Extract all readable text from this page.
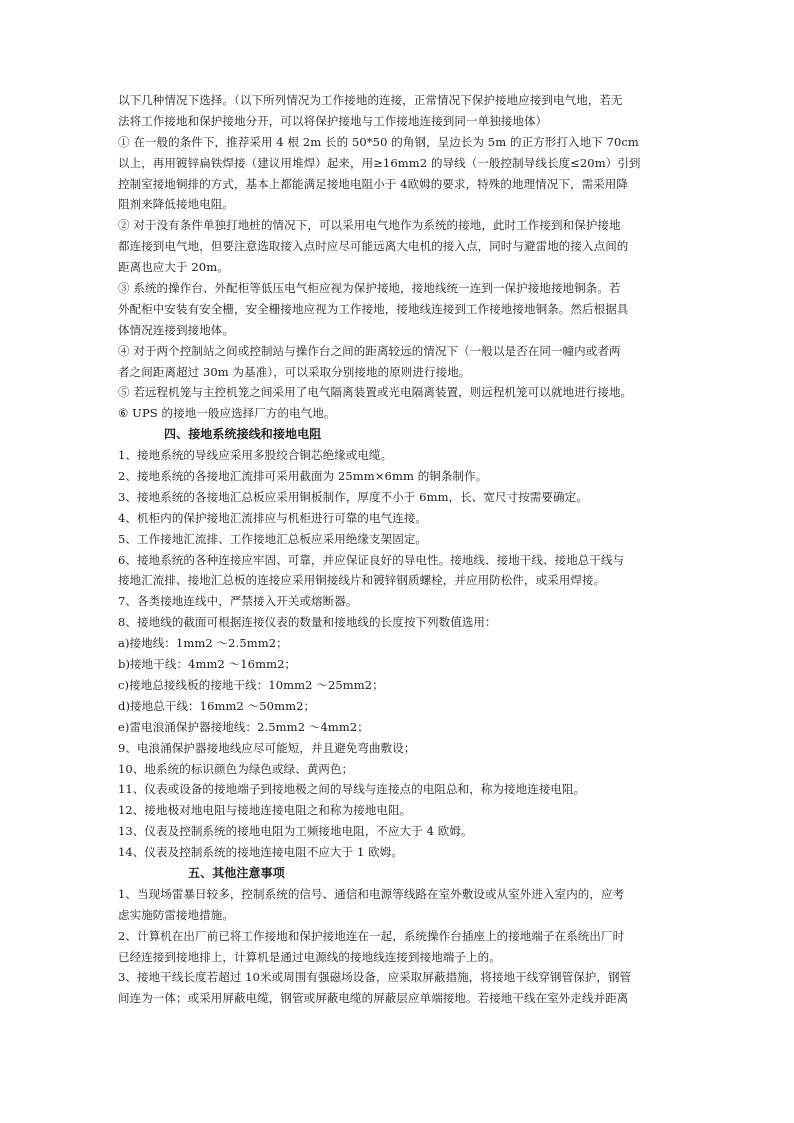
以下几种情况下选择。（以下所列情况为工作接地的连接，正常情况下保护接地应接到电气地，若无
法将工作接地和保护接地分开，可以将保护接地与工作接地连接到同一单独接地体）
① 在一般的条件下，推荐采用 4 根 2m 长的 50*50 的角钢，呈边长为 5m 的正方形打入地下 70cm
以上，再用镀锌扁铁焊接（建议用堆焊）起来，用≥16mm2 的导线（一般控制导线长度≤20m）引到
控制室接地铜排的方式，基本上都能满足接地电阻小于 4欧姆的要求，特殊的地理情况下，需采用降
阻剂来降低接地电阻。
② 对于没有条件单独打地桩的情况下，可以采用电气地作为系统的接地，此时工作接到和保护接地
都连接到电气地，但要注意选取接入点时应尽可能远离大电机的接入点，同时与避雷地的接入点间的
距离也应大于 20m。
③ 系统的操作台、外配柜等低压电气柜应视为保护接地，接地线统一连到一保护接地接地铜条。若
外配柜中安装有安全栅，安全栅接地应视为工作接地，接地线连接到工作接地接地铜条。然后根据具
体情况连接到接地体。
④ 对于两个控制站之间或控制站与操作台之间的距离较远的情况下（一般以是否在同一幢内或者两
者之间距离超过 30m 为基准），可以采取分别接地的原则进行接地。
⑤ 若远程机笼与主控机笼之间采用了电气隔离装置或光电隔离装置，则远程机笼可以就地进行接地。
⑥ UPS 的接地一般应选择厂方的电气地。
四、接地系统接线和接地电阻
1、接地系统的导线应采用多股绞合铜芯绝缘或电缆。
2、接地系统的各接地汇流排可采用截面为 25mm×6mm 的铜条制作。
3、接地系统的各接地汇总板应采用铜板制作，厚度不小于 6mm，长、宽尺寸按需要确定。
4、机柜内的保护接地汇流排应与机柜进行可靠的电气连接。
5、工作接地汇流排、工作接地汇总板应采用绝缘支架固定。
6、接地系统的各种连接应牢固、可靠，并应保证良好的导电性。接地线、接地干线、接地总干线与
接地汇流排、接地汇总板的连接应采用铜接线片和镀锌钢质螺栓，并应用防松件，或采用焊接。
7、各类接地连线中，严禁接入开关或熔断器。
8、接地线的截面可根据连接仪表的数量和接地线的长度按下列数值选用：
a)接地线：1mm2 ～2.5mm2；
b)接地干线：4mm2 ～16mm2；
c)接地总接线板的接地干线：10mm2 ～25mm2；
d)接地总干线：16mm2 ～50mm2；
e)雷电浪涌保护器接地线：2.5mm2 ～4mm2；
9、电浪涌保护器接地线应尽可能短，并且避免弯曲敷设；
10、地系统的标识颜色为绿色或绿、黄两色；
11、仪表或设备的接地端子到接地极之间的导线与连接点的电阻总和，称为接地连接电阻。
12、接地极对地电阻与接地连接电阻之和称为接地电阻。
13、仪表及控制系统的接地电阻为工频接地电阻，不应大于 4 欧姆。
14、仪表及控制系统的接地连接电阻不应大于 1 欧姆。
五、其他注意事项
1、当现场雷暴日较多，控制系统的信号、通信和电源等线路在室外敷设或从室外进入室内的，应考
虑实施防雷接地措施。
2、计算机在出厂前已将工作接地和保护接地连在一起，系统操作台插座上的接地端子在系统出厂时
已经连接到接地排上，计算机是通过电源线的接地线连接到接地端子上的。
3、接地干线长度若超过 10米或周围有强磁场设备，应采取屏蔽措施，将接地干线穿钢管保护，钢管
间连为一体；或采用屏蔽电缆，钢管或屏蔽电缆的屏蔽层应单端接地。若接地干线在室外走线并距离
